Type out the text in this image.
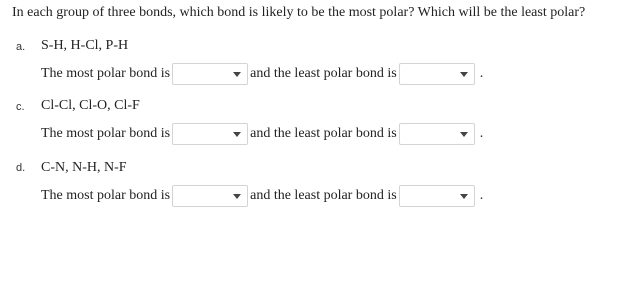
In each group of three bonds, which bond is likely to be the most polar? Which will be the least polar?
a. S-H, H-Cl, P-H
The most polar bond is	and the least polar bond is	.
c. Cl-Cl, Cl-O, Cl-F
The most polar bond is	and the least polar bond is	.
d. C-N, N-H, N-F
The most polar bond is	and the least polar bond is	.
